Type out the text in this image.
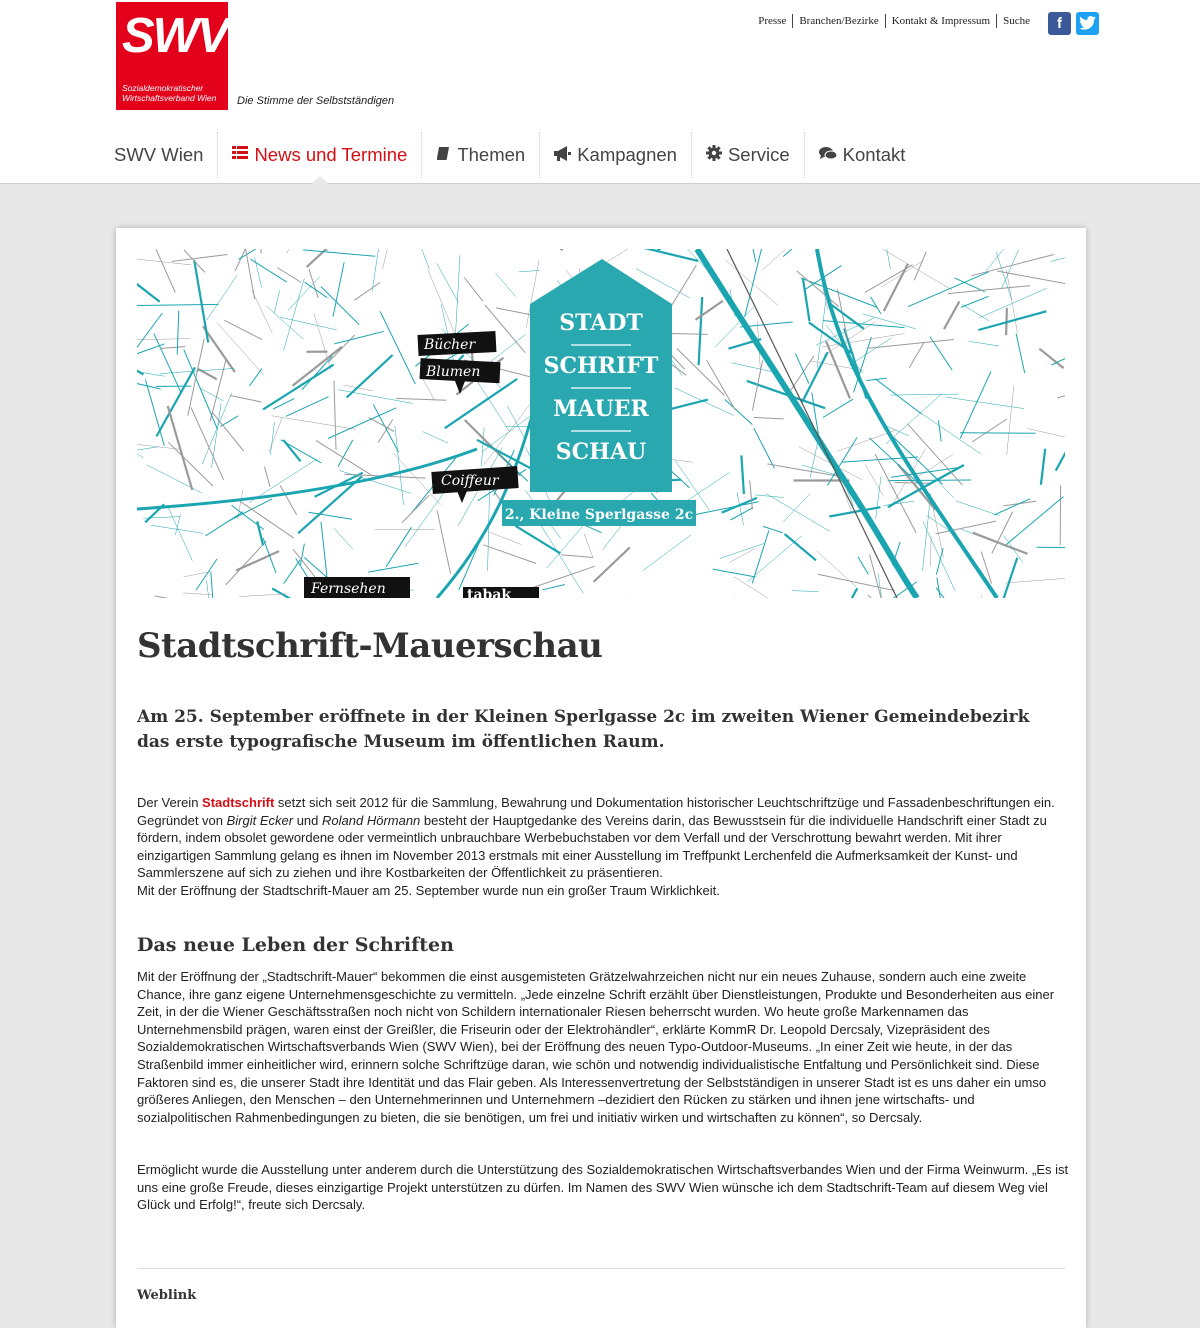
SWV
Sozialdemokratischer
Wirtschaftsverband Wien Die Stimme der Selbstständigen
Presse	Branchen/Bezirke	Kontakt & Impressum	Suche	f
SWV Wien	News und Termine	Themen	Kampagnen	Service	Kontakt
STADT
SCHRIFT
MAUER
SCHAU
2., Kleine Sperlgasse 2c
Bücher
Blumen
Coiffeur
Fernsehen	tabak
Stadtschrift-Mauerschau
Am 25. September eröffnete in der Kleinen Sperlgasse 2c im zweiten Wiener Gemeindebezirk das erste typografische Museum im öffentlichen Raum.

Der Verein Stadtschrift setzt sich seit 2012 für die Sammlung, Bewahrung und Dokumentation historischer Leuchtschriftzüge und Fassadenbeschriftungen ein. Gegründet von Birgit Ecker und Roland Hörmann besteht der Hauptgedanke des Vereins darin, das Bewusstsein für die individuelle Handschrift einer Stadt zu fördern, indem obsolet gewordene oder vermeintlich unbrauchbare Werbebuchstaben vor dem Verfall und der Verschrottung bewahrt werden. Mit ihrer einzigartigen Sammlung gelang es ihnen im November 2013 erstmals mit einer Ausstellung im Treffpunkt Lerchenfeld die Aufmerksamkeit der Kunst- und Sammlerszene auf sich zu ziehen und ihre Kostbarkeiten der Öffentlichkeit zu präsentieren.
Mit der Eröffnung der Stadtschrift-Mauer am 25. September wurde nun ein großer Traum Wirklichkeit.

Das neue Leben der Schriften

Mit der Eröffnung der „Stadtschrift-Mauer“ bekommen die einst ausgemisteten Grätzelwahrzeichen nicht nur ein neues Zuhause, sondern auch eine zweite Chance, ihre ganz eigene Unternehmensgeschichte zu vermitteln. „Jede einzelne Schrift erzählt über Dienstleistungen, Produkte und Besonderheiten aus einer Zeit, in der die Wiener Geschäftsstraßen noch nicht von Schildern internationaler Riesen beherrscht wurden. Wo heute große Markennamen das Unternehmensbild prägen, waren einst der Greißler, die Friseurin oder der Elektrohändler“, erklärte KommR Dr. Leopold Dercsaly, Vizepräsident des Sozialdemokratischen Wirtschaftsverbands Wien (SWV Wien), bei der Eröffnung des neuen Typo-Outdoor-Museums. „In einer Zeit wie heute, in der das Straßenbild immer einheitlicher wird, erinnern solche Schriftzüge daran, wie schön und notwendig individualistische Entfaltung und Persönlichkeit sind. Diese Faktoren sind es, die unserer Stadt ihre Identität und das Flair geben. Als Interessenvertretung der Selbstständigen in unserer Stadt ist es uns daher ein umso größeres Anliegen, den Menschen – den Unternehmerinnen und Unternehmern –dezidiert den Rücken zu stärken und ihnen jene wirtschafts- und sozialpolitischen Rahmenbedingungen zu bieten, die sie benötigen, um frei und initiativ wirken und wirtschaften zu können“, so Dercsaly.

Ermöglicht wurde die Ausstellung unter anderem durch die Unterstützung des Sozialdemokratischen Wirtschaftsverbandes Wien und der Firma Weinwurm. „Es ist uns eine große Freude, dieses einzigartige Projekt unterstützen zu dürfen. Im Namen des SWV Wien wünsche ich dem Stadtschrift-Team auf diesem Weg viel Glück und Erfolg!“, freute sich Dercsaly.

Weblink
